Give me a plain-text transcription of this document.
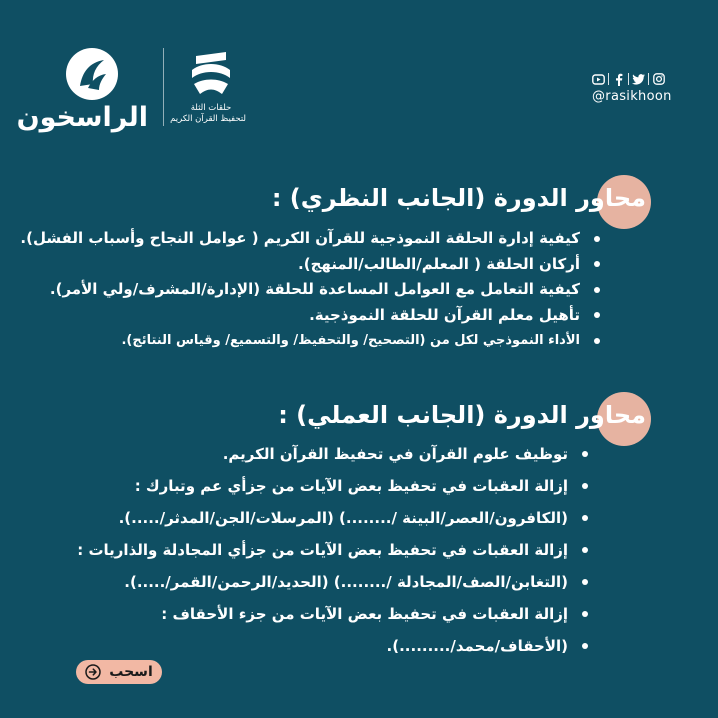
الراسخون	حلقات الثلة
لتحفيظ القرآن الكريم
@rasikhoon
محاور الدورة (الجانب النظري) :
كيفية إدارة الحلقة النموذجية للقرآن الكريم ( عوامل النجاح وأسباب الفشل).
أركان الحلقة ( المعلم/الطالب/المنهج).
كيفية التعامل مع العوامل المساعدة للحلقة (الإدارة/المشرف/ولي الأمر).
تأهيل معلم القرآن للحلقة النموذجية.
الأداء النموذجي لكل من (التصحيح/ والتحفيظ/ والتسميع/ وقياس النتائج).
محاور الدورة (الجانب العملي) :
توظيف علوم القرآن في تحفيظ القرآن الكريم.
إزالة العقبات في تحفيظ بعض الآيات من جزأي عم وتبارك :
(الكافرون/العصر/البينة /........) (المرسلات/الجن/المدثر/.....).
إزالة العقبات في تحفيظ بعض الآيات من جزأي المجادلة والذاريات :
(التغابن/الصف/المجادلة /........) (الحديد/الرحمن/القمر/.....).
إزالة العقبات في تحفيظ بعض الآيات من جزء الأحقاف :
(الأحقاف/محمد/.........).
اسحب
